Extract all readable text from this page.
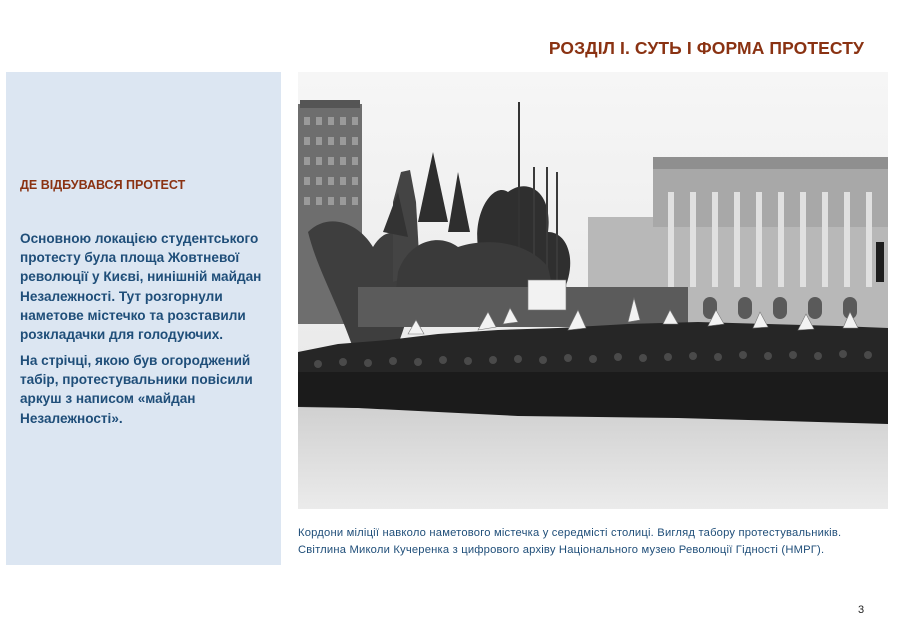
РОЗДІЛ І. СУТЬ І ФОРМА ПРОТЕСТУ
ДЕ ВІДБУВАВСЯ ПРОТЕСТ

Основною локацією студентського протесту була площа Жовтневої революції у Києві, нинішній майдан Незалежності. Тут розгорнули наметове містечко та розставили розкладачки для голодуючих.

На стрічці, якою був огороджений табір, протестувальники повісили аркуш з написом «майдан Незалежності».

Кордони міліції навколо наметового містечка у середмісті столиці. Вигляд табору протестувальників.
Світлина Миколи Кучеренка з цифрового архіву Національного музею Революції Гідності (НМРГ).
3
